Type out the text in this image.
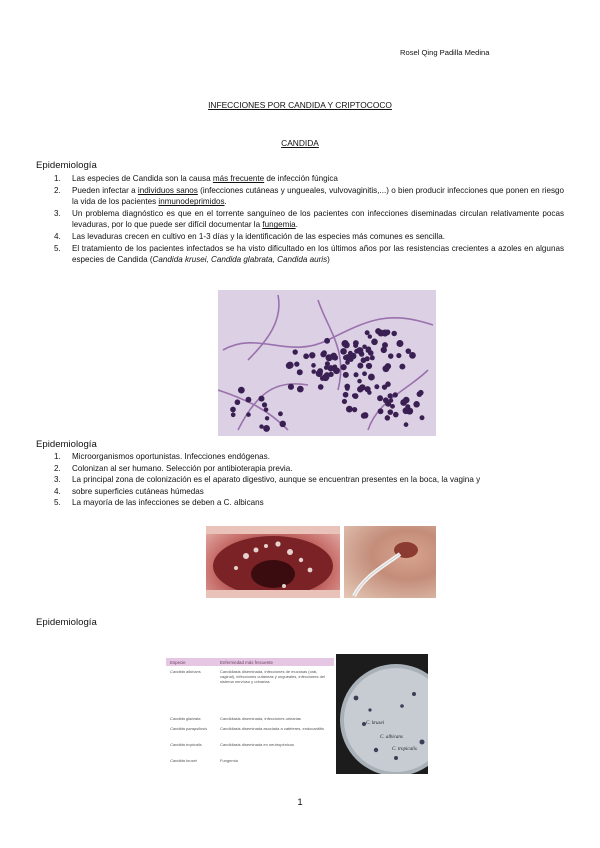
Rosel Qing Padilla Medina
INFECCIONES POR CANDIDA Y CRIPTOCOCO
CANDIDA
Epidemiología
1. Las especies de Candida son la causa más frecuente de infección fúngica
2. Pueden infectar a individuos sanos (infecciones cutáneas y ungueales, vulvovaginitis,...) o bien producir infecciones que ponen en riesgo la vida de los pacientes inmunodeprimidos.
3. Un problema diagnóstico es que en el torrente sanguíneo de los pacientes con infecciones diseminadas circulan relativamente pocas levaduras, por lo que puede ser difícil documentar la fungemia.
4. Las levaduras crecen en cultivo en 1-3 días y la identificación de las especies más comunes es sencilla.
5. El tratamiento de los pacientes infectados se ha visto dificultado en los últimos años por las resistencias crecientes a azoles en algunas especies de Candida (Candida krusei, Candida glabrata, Candida auris)
Epidemiología
1. Microorganismos oportunistas. Infecciones endógenas.
2. Colonizan al ser humano. Selección por antibioterapia previa.
3. La principal zona de colonización es el aparato digestivo, aunque se encuentran presentes en la boca, la vagina y
4. sobre superficies cutáneas húmedas
5. La mayoría de las infecciones se deben a C. albicans
Epidemiología
Especie	Enfermedad más frecuente
Candida albicans	Candidiasis diseminada, infecciones de mucosas (oral, vaginal), infecciones cutáneas y ungueales, infecciones del sistema nervioso y urinarias
Candida glabrata	Candidiasis diseminada, infecciones urinarias
Candida parapsilosis	Candidiasis diseminada asociada a catéteres, endocarditis
Candida tropicalis	Candidiasis diseminada en neutropénicos
Candida krusei	Fungemia
C. krusei
C. albicans
C. tropicalis
1
